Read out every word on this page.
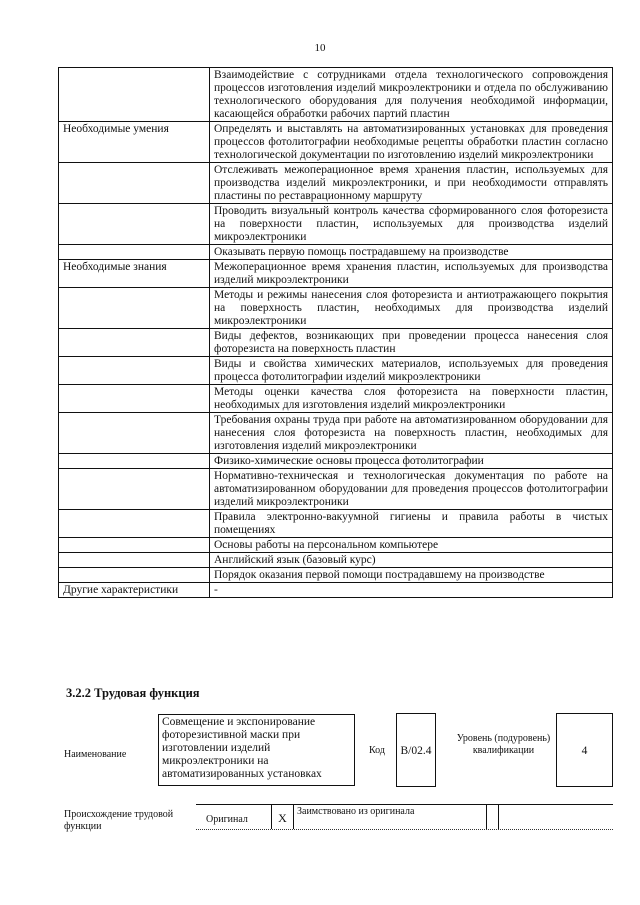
10
	Взаимодействие с сотрудниками отдела технологического сопровождения процессов изготовления изделий микроэлектроники и отдела по обслуживанию технологического оборудования для получения необходимой информации, касающейся обработки рабочих партий пластин
Необходимые умения	Определять и выставлять на автоматизированных установках для проведения процессов фотолитографии необходимые рецепты обработки пластин согласно технологической документации по изготовлению изделий микроэлектроники
	Отслеживать межоперационное время хранения пластин, используемых для производства изделий микроэлектроники, и при необходимости отправлять пластины по реставрационному маршруту
	Проводить визуальный контроль качества сформированного слоя фоторезиста на поверхности пластин, используемых для производства изделий микроэлектроники
	Оказывать первую помощь пострадавшему на производстве
Необходимые знания	Межоперационное время хранения пластин, используемых для производства изделий микроэлектроники
	Методы и режимы нанесения слоя фоторезиста и антиотражающего покрытия на поверхность пластин, необходимых для производства изделий микроэлектроники
	Виды дефектов, возникающих при проведении процесса нанесения слоя фоторезиста на поверхность пластин
	Виды и свойства химических материалов, используемых для проведения процесса фотолитографии изделий микроэлектроники
	Методы оценки качества слоя фоторезиста на поверхности пластин, необходимых для изготовления изделий микроэлектроники
	Требования охраны труда при работе на автоматизированном оборудовании для нанесения слоя фоторезиста на поверхность пластин, необходимых для изготовления изделий микроэлектроники
	Физико-химические основы процесса фотолитографии
	Нормативно-техническая и технологическая документация по работе на автоматизированном оборудовании для проведения процессов фотолитографии изделий микроэлектроники
	Правила электронно-вакуумной гигиены и правила работы в чистых помещениях
	Основы работы на персональном компьютере
	Английский язык (базовый курс)
	Порядок оказания первой помощи пострадавшему на производстве
Другие характеристики	-
3.2.2 Трудовая функция
Наименование
Совмещение и экспонирование фоторезистивной маски при изготовлении изделий микроэлектроники на автоматизированных установках
Код	B/02.4
Уровень (подуровень) квалификации	4
Происхождение трудовой функции
Оригинал	X	Заимствовано из оригинала
